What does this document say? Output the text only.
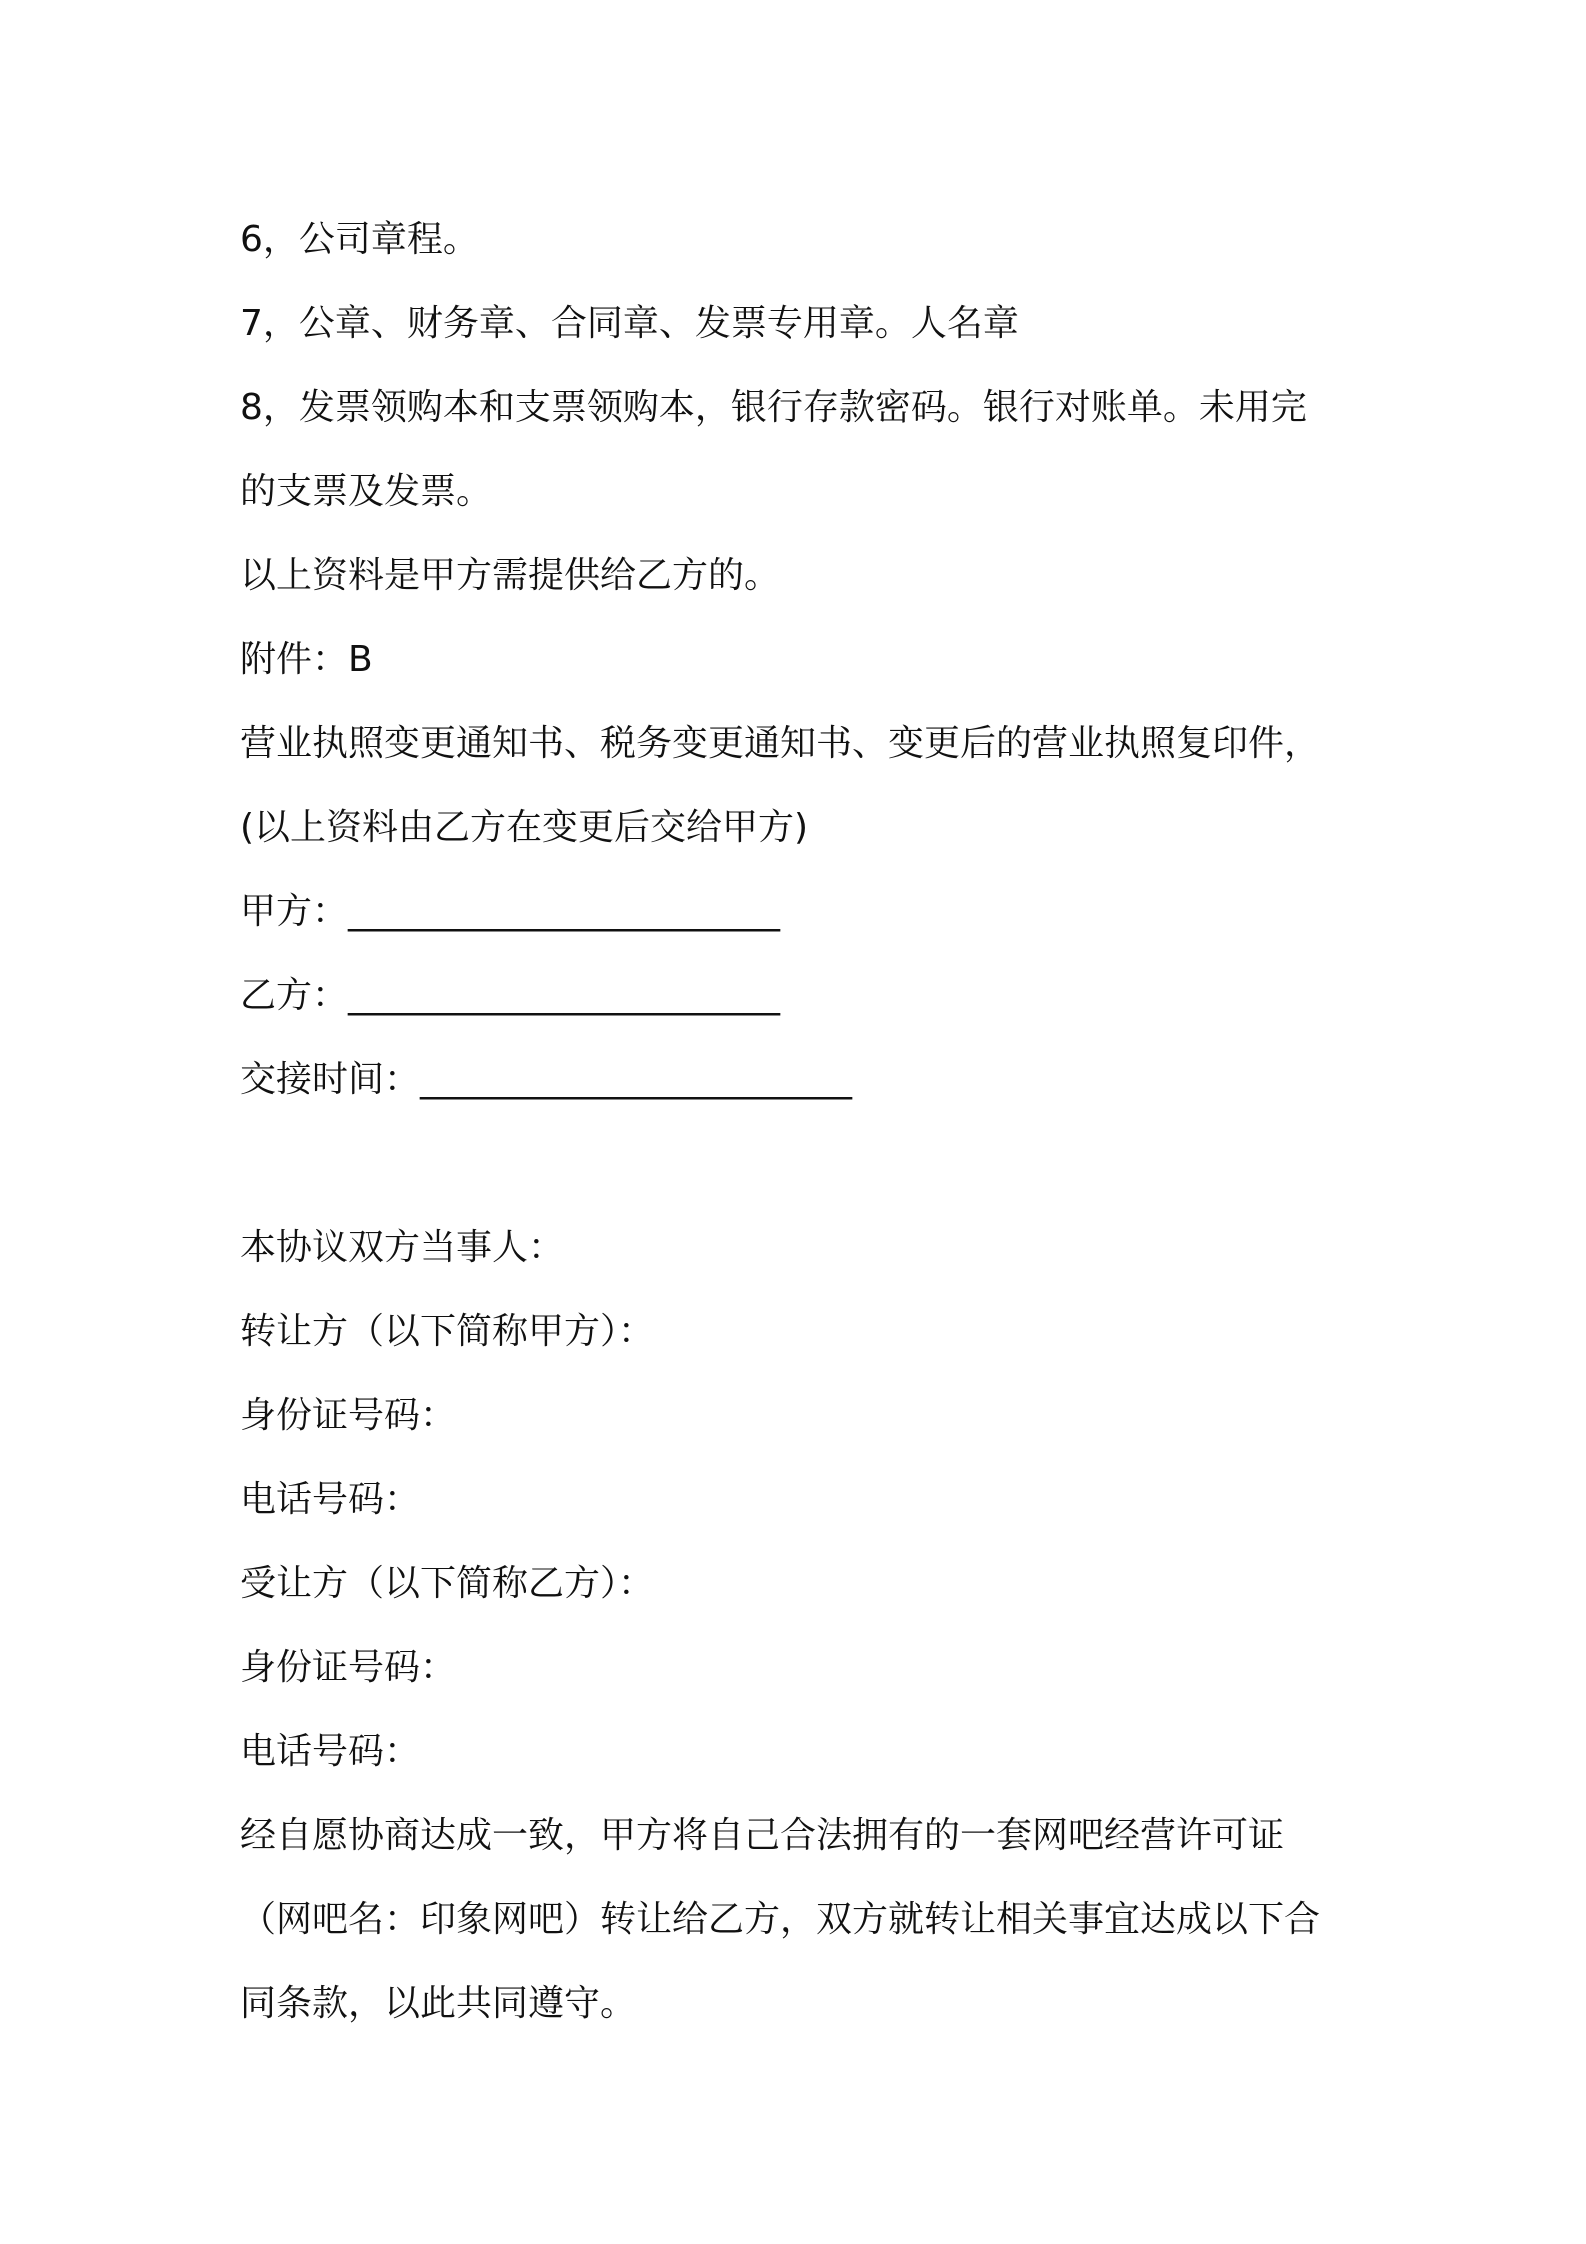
6，公司章程。
7，公章、财务章、合同章、发票专用章。人名章
8，发票领购本和支票领购本，银行存款密码。银行对账单。未用完
的支票及发票。
以上资料是甲方需提供给乙方的。
附件：B
营业执照变更通知书、税务变更通知书、变更后的营业执照复印件，
(以上资料由乙方在变更后交给甲方)
甲方：________________________
乙方：________________________
交接时间：________________________
本协议双方当事人：
转让方（以下简称甲方）：
身份证号码：
电话号码：
受让方（以下简称乙方）：
身份证号码：
电话号码：
经自愿协商达成一致，甲方将自己合法拥有的一套网吧经营许可证
（网吧名：印象网吧）转让给乙方，双方就转让相关事宜达成以下合
同条款，以此共同遵守。
